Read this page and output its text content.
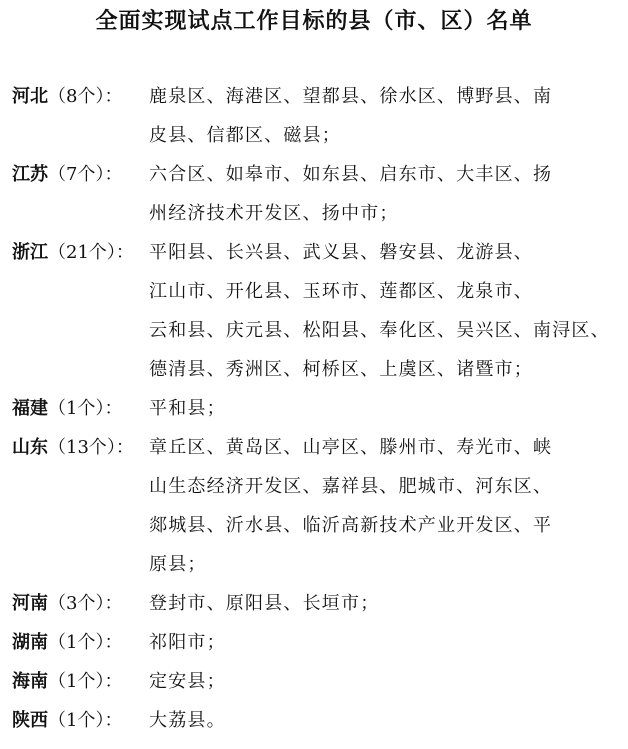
全面实现试点工作目标的县（市、区）名单
河北（8个）： 鹿泉区、海港区、望都县、徐水区、博野县、南
皮县、信都区、磁县；
江苏（7个）： 六合区、如皋市、如东县、启东市、大丰区、扬
州经济技术开发区、扬中市；
浙江（21个）： 平阳县、长兴县、武义县、磐安县、龙游县、
江山市、开化县、玉环市、莲都区、龙泉市、
云和县、庆元县、松阳县、奉化区、吴兴区、南浔区、
德清县、秀洲区、柯桥区、上虞区、诸暨市；
福建（1个）： 平和县；
山东（13个）： 章丘区、黄岛区、山亭区、滕州市、寿光市、峡
山生态经济开发区、嘉祥县、肥城市、河东区、
郯城县、沂水县、临沂高新技术产业开发区、平
原县；
河南（3个）： 登封市、原阳县、长垣市；
湖南（1个）： 祁阳市；
海南（1个）： 定安县；
陕西（1个）： 大荔县。
